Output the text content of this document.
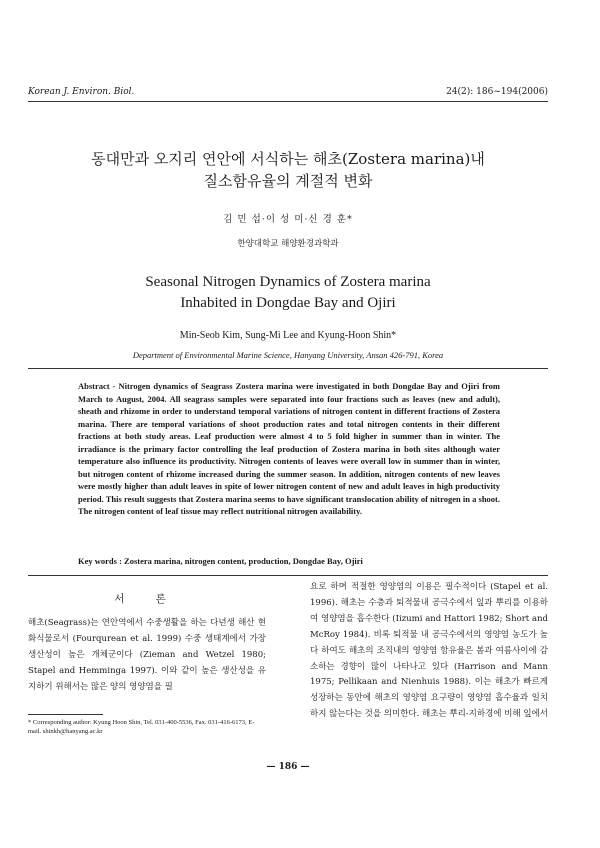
Korean J. Environ. Biol.	24(2): 186~194(2006)
동대만과 오지리 연안에 서식하는 해초(Zostera marina)내
질소함유율의 계절적 변화
김 민 섭·이 성 미·신 경 훈*
한양대학교 해양환경과학과
Seasonal Nitrogen Dynamics of Zostera marina
Inhabited in Dongdae Bay and Ojiri
Min-Seob Kim, Sung-Mi Lee and Kyung-Hoon Shin*
Department of Environmental Marine Science, Hanyang University, Ansan 426-791, Korea
Abstract - Nitrogen dynamics of Seagrass Zostera marina were investigated in both Dongdae Bay and Ojiri from March to August, 2004. All seagrass samples were separated into four fractions such as leaves (new and adult), sheath and rhizome in order to understand temporal variations of nitrogen content in different fractions of Zostera marina. There are temporal variations of shoot production rates and total nitrogen contents in their different fractions at both study areas. Leaf production were almost 4 to 5 fold higher in summer than in winter. The irradiance is the primary factor controlling the leaf production of Zostera marina in both sites although water temperature also influence its productivity. Nitrogen contents of leaves were overall low in summer than in winter, but nitrogen content of rhizome increased during the summer season. In addition, nitrogen contents of new leaves were mostly higher than adult leaves in spite of lower nitrogen content of new and adult leaves in high productivity period. This result suggests that Zostera marina seems to have significant translocation ability of nitrogen in a shoot. The nitrogen content of leaf tissue may reflect nutritional nitrogen availability.
Key words : Zostera marina, nitrogen content, production, Dongdae Bay, Ojiri
서 론
해초(Seagrass)는 연안역에서 수중생활을 하는 다년생 해산 현화식물로서 (Fourqurean et al. 1999) 수중 생태계에서 가장 생산성이 높은 개체군이다 (Zieman and Wetzel 1980; Stapel and Hemminga 1997). 이와 같이 높은 생산성을 유지하기 위해서는 많은 양의 영양염을 필
요로 하며 적절한 영양염의 이용은 필수적이다 (Stapel et al. 1996). 해초는 수층과 퇴적물내 공극수에서 잎과 뿌리를 이용하여 영양염을 흡수한다 (Iizumi and Hattori 1982; Short and McRoy 1984). 비록 퇴적물 내 공극수에서의 영양염 농도가 높다 하여도 해초의 조직내의 영양염 함유율은 봄과 여름사이에 감소하는 경향이 많이 나타나고 있다 (Harrison and Mann 1975; Pellikaan and Nienhuis 1988). 이는 해초가 빠르게 성장하는 동안에 해초의 영양염 요구량이 영양염 흡수율과 일치하지 않는다는 것을 의미한다. 해초는 뿌리-지하경에 비해 잎에서
* Corresponding author: Kyung Hoon Shin, Tel. 031-400-5536, Fax. 031-416-6173, E-mail. shinkh@hanyang.ac.kr
— 186 —
